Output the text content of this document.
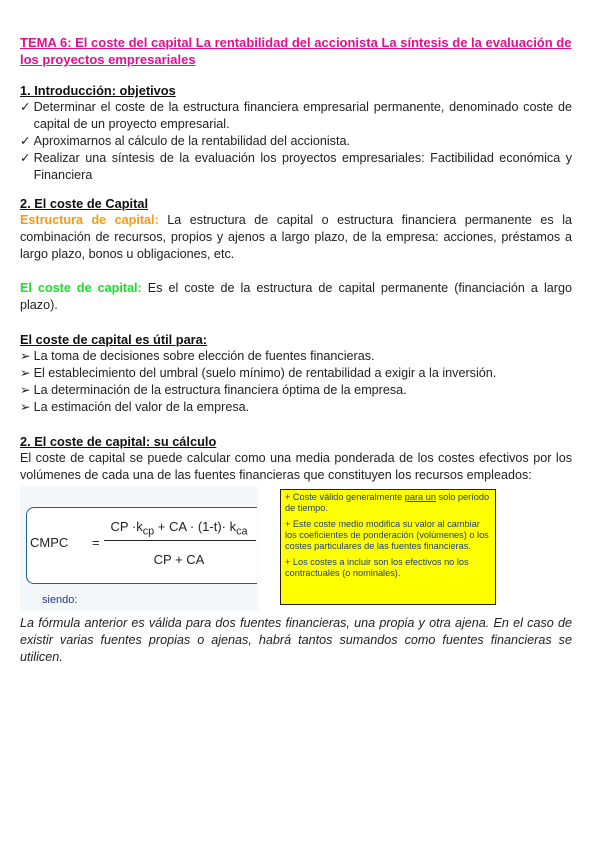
TEMA 6: El coste del capital La rentabilidad del accionista La síntesis de la evaluación de los proyectos empresariales

1. Introducción: objetivos

✓ Determinar el coste de la estructura financiera empresarial permanente, denominado coste de capital de un proyecto empresarial.
✓ Aproximarnos al cálculo de la rentabilidad del accionista.
✓ Realizar una síntesis de la evaluación los proyectos empresariales: Factibilidad económica y Financiera

2. El coste de Capital

Estructura de capital: La estructura de capital o estructura financiera permanente es la combinación de recursos, propios y ajenos a largo plazo, de la empresa: acciones, préstamos a largo plazo, bonos u obligaciones, etc.

El coste de capital: Es el coste de la estructura de capital permanente (financiación a largo plazo).

El coste de capital es útil para:

➢ La toma de decisiones sobre elección de fuentes financieras.
➢ El establecimiento del umbral (suelo mínimo) de rentabilidad a exigir a la inversión.
➢ La determinación de la estructura financiera óptima de la empresa.
➢ La estimación del valor de la empresa.

2. El coste de capital: su cálculo

El coste de capital se puede calcular como una media ponderada de los costes efectivos por los volúmenes de cada una de las fuentes financieras que constituyen los recursos empleados:

CMPC =
CP $\cdot k_{cp}$ + CA · $(1-t)\cdot k_{ca}$
CP + CA
siendo:

+ Coste válido generalmente para un solo período de tiempo.

+ Este coste medio modifica su valor al cambiar los coeficientes de ponderación (volúmenes) o los costes particulares de las fuentes financieras.

+ Los costes a incluir son los efectivos no los contractuales (o nominales).

La fórmula anterior es válida para dos fuentes financieras, una propia y otra ajena. En el caso de existir varias fuentes propias o ajenas, habrá tantos sumandos como fuentes financieras se utilicen.
